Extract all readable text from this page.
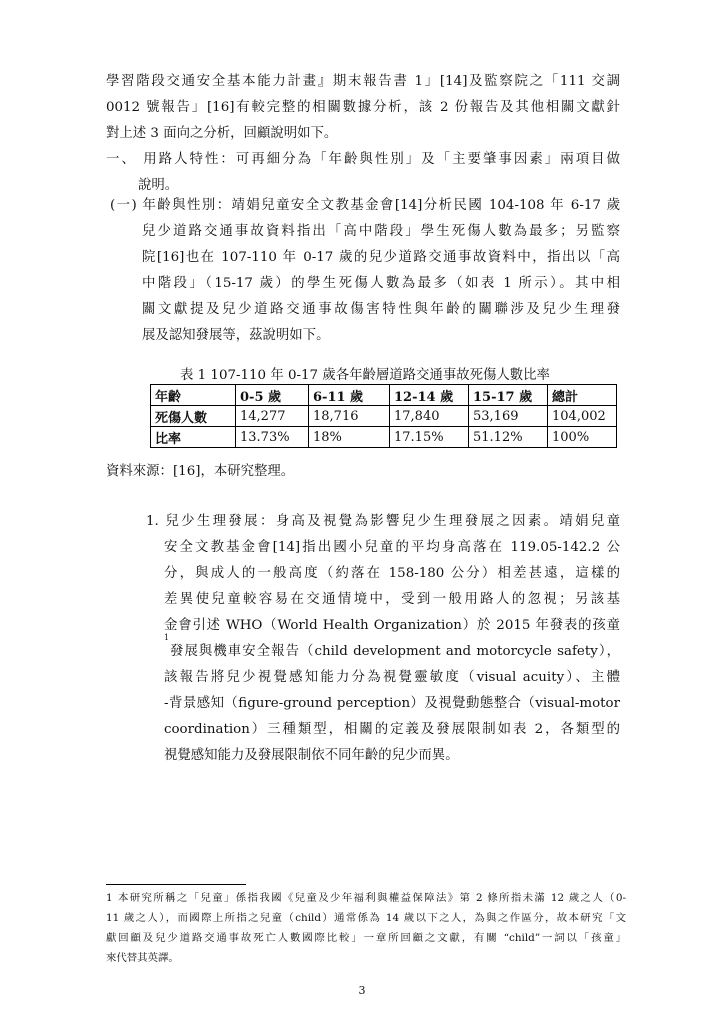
學習階段交通安全基本能力計畫』期末報告書 1」[14]及監察院之「111 交調
0012 號報告」[16]有較完整的相關數據分析，該 2 份報告及其他相關文獻針
對上述 3 面向之分析，回顧說明如下。
一、 用路人特性：可再細分為「年齡與性別」及「主要肇事因素」兩項目做
說明。
(一) 年齡與性別：靖娟兒童安全文教基金會[14]分析民國 104-108 年 6-17 歲
兒少道路交通事故資料指出「高中階段」學生死傷人數為最多；另監察
院[16]也在 107-110 年 0-17 歲的兒少道路交通事故資料中，指出以「高
中階段」（15-17 歲）的學生死傷人數為最多（如表 1 所示）。其中相
關文獻提及兒少道路交通事故傷害特性與年齡的關聯涉及兒少生理發
展及認知發展等，茲說明如下。
表 1 107-110 年 0-17 歲各年齡層道路交通事故死傷人數比率
年齡	0-5 歲	6-11 歲	12-14 歲	15-17 歲	總計
死傷人數	14,277	18,716	17,840	53,169	104,002
比率	13.73%	18%	17.15%	51.12%	100%
資料來源：[16]，本研究整理。
1. 兒少生理發展：身高及視覺為影響兒少生理發展之因素。靖娟兒童
安全文教基金會[14]指出國小兒童的平均身高落在 119.05-142.2 公
分，與成人的一般高度（約落在 158-180 公分）相差甚遠，這樣的
差異使兒童較容易在交通情境中，受到一般用路人的忽視；另該基
金會引述 WHO（World Health Organization）於 2015 年發表的孩童
$^1$
發展與機車安全報告（child development and motorcycle safety），
該報告將兒少視覺感知能力分為視覺靈敏度（visual acuity）、主體
-背景感知（figure-ground perception）及視覺動態整合（visual-motor
coordination）三種類型，相關的定義及發展限制如表 2，各類型的
視覺感知能力及發展限制依不同年齡的兒少而異。
1 本研究所稱之「兒童」係指我國《兒童及少年福利與權益保障法》第 2 條所指未滿 12 歲之人（0-
11 歲之人），而國際上所指之兒童（child）通常係為 14 歲以下之人，為與之作區分，故本研究「文
獻回顧及兒少道路交通事故死亡人數國際比較」一章所回顧之文獻，有關 “child”一詞以「孩童」
來代替其英譯。
3
